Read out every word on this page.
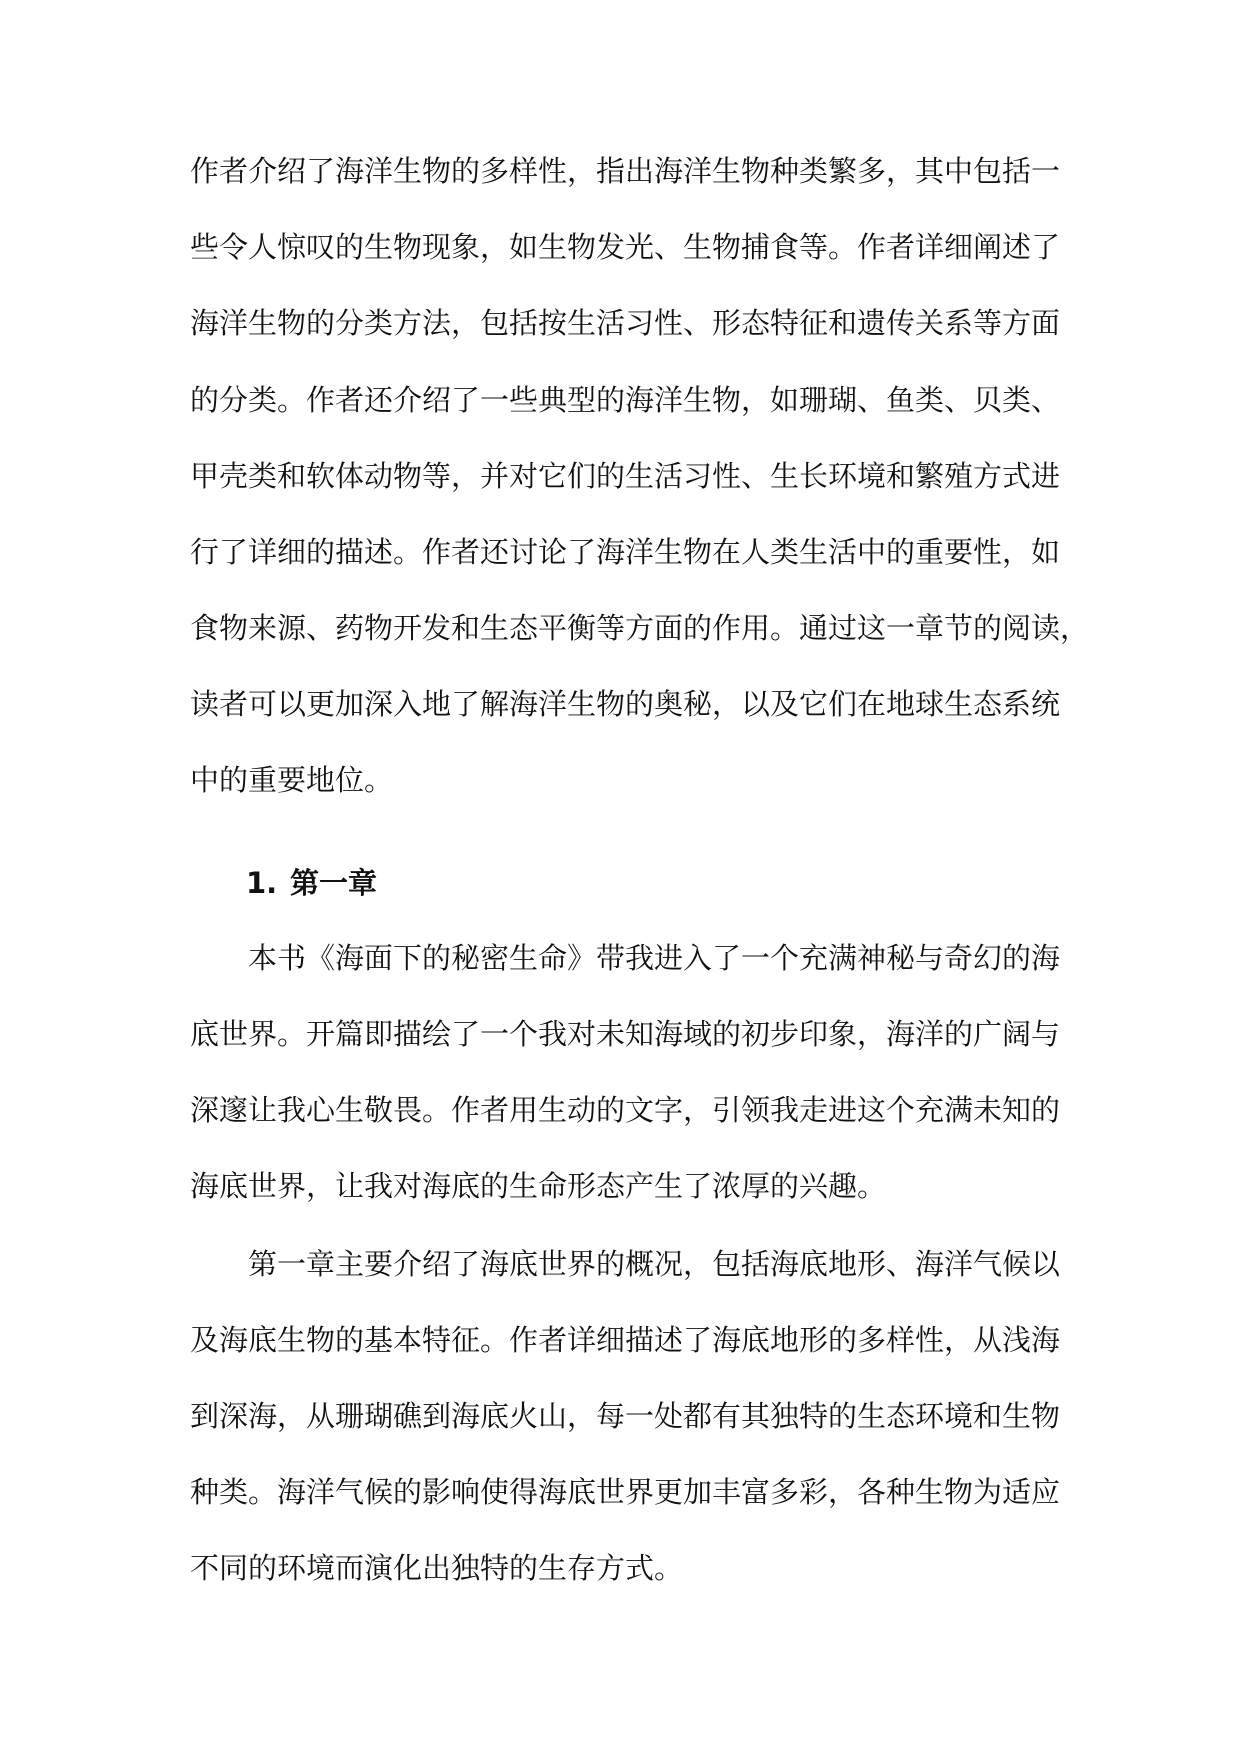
作者介绍了海洋生物的多样性，指出海洋生物种类繁多，其中包括一
些令人惊叹的生物现象，如生物发光、生物捕食等。作者详细阐述了
海洋生物的分类方法，包括按生活习性、形态特征和遗传关系等方面
的分类。作者还介绍了一些典型的海洋生物，如珊瑚、鱼类、贝类、
甲壳类和软体动物等，并对它们的生活习性、生长环境和繁殖方式进
行了详细的描述。作者还讨论了海洋生物在人类生活中的重要性，如
食物来源、药物开发和生态平衡等方面的作用。通过这一章节的阅读，
读者可以更加深入地了解海洋生物的奥秘，以及它们在地球生态系统
中的重要地位。
1. 第一章
本书《海面下的秘密生命》带我进入了一个充满神秘与奇幻的海
底世界。开篇即描绘了一个我对未知海域的初步印象，海洋的广阔与
深邃让我心生敬畏。作者用生动的文字，引领我走进这个充满未知的
海底世界，让我对海底的生命形态产生了浓厚的兴趣。
第一章主要介绍了海底世界的概况，包括海底地形、海洋气候以
及海底生物的基本特征。作者详细描述了海底地形的多样性，从浅海
到深海，从珊瑚礁到海底火山，每一处都有其独特的生态环境和生物
种类。海洋气候的影响使得海底世界更加丰富多彩，各种生物为适应
不同的环境而演化出独特的生存方式。
